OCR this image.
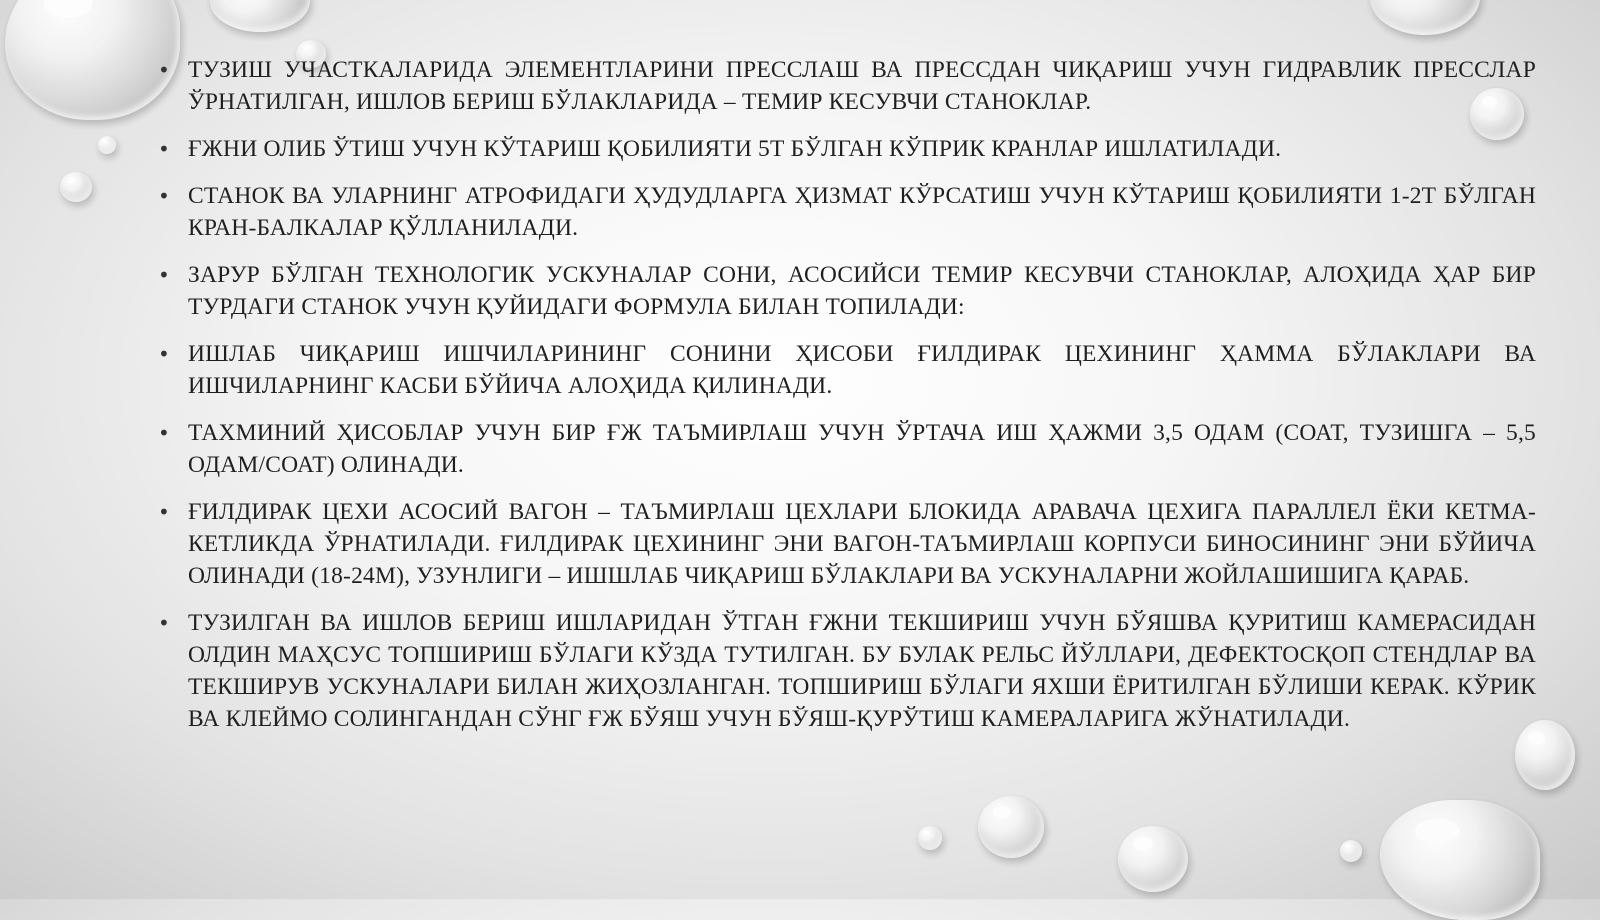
• ТУЗИШ УЧАСТКАЛАРИДА ЭЛЕМЕНТЛАРИНИ ПРЕССЛАШ ВА ПРЕССДАН ЧИҚАРИШ УЧУН ГИДРАВЛИК ПРЕССЛАР ЎРНАТИЛГАН, ИШЛОВ БЕРИШ БЎЛАКЛАРИДА – ТЕМИР КЕСУВЧИ СТАНОКЛАР.
• ҒЖНИ ОЛИБ ЎТИШ УЧУН КЎТАРИШ ҚОБИЛИЯТИ 5Т БЎЛГАН КЎПРИК КРАНЛАР ИШЛАТИЛАДИ.
• СТАНОК ВА УЛАРНИНГ АТРОФИДАГИ ҲУДУДЛАРГА ҲИЗМАТ КЎРСАТИШ УЧУН КЎТАРИШ ҚОБИЛИЯТИ 1-2Т БЎЛГАН КРАН-БАЛКАЛАР ҚЎЛЛАНИЛАДИ.
• ЗАРУР БЎЛГАН ТЕХНОЛОГИК УСКУНАЛАР СОНИ, АСОСИЙСИ ТЕМИР КЕСУВЧИ СТАНОКЛАР, АЛОҲИДА ҲАР БИР ТУРДАГИ СТАНОК УЧУН ҚУЙИДАГИ ФОРМУЛА БИЛАН ТОПИЛАДИ:
• ИШЛАБ ЧИҚАРИШ ИШЧИЛАРИНИНГ СОНИНИ ҲИСОБИ ҒИЛДИРАК ЦЕХИНИНГ ҲАММА БЎЛАКЛАРИ ВА ИШЧИЛАРНИНГ КАСБИ БЎЙИЧА АЛОҲИДА ҚИЛИНАДИ.
• ТАХМИНИЙ ҲИСОБЛАР УЧУН БИР ҒЖ ТАЪМИРЛАШ УЧУН ЎРТАЧА ИШ ҲАЖМИ 3,5 ОДАМ (СОАТ, ТУЗИШГА – 5,5 ОДАМ/СОАТ) ОЛИНАДИ.
• ҒИЛДИРАК ЦЕХИ АСОСИЙ ВАГОН – ТАЪМИРЛАШ ЦЕХЛАРИ БЛОКИДА АРАВАЧА ЦЕХИГА ПАРАЛЛЕЛ ЁКИ КЕТМА-КЕТЛИКДА ЎРНАТИЛАДИ. ҒИЛДИРАК ЦЕХИНИНГ ЭНИ ВАГОН-ТАЪМИРЛАШ КОРПУСИ БИНОСИНИНГ ЭНИ БЎЙИЧА ОЛИНАДИ (18-24М), УЗУНЛИГИ – ИШШЛАБ ЧИҚАРИШ БЎЛАКЛАРИ ВА УСКУНАЛАРНИ ЖОЙЛАШИШИГА ҚАРАБ.
• ТУЗИЛГАН ВА ИШЛОВ БЕРИШ ИШЛАРИДАН ЎТГАН ҒЖНИ ТЕКШИРИШ УЧУН БЎЯШВА ҚУРИТИШ КАМЕРАСИДАН ОЛДИН МАҲСУС ТОПШИРИШ БЎЛАГИ КЎЗДА ТУТИЛГАН. БУ БУЛАК РЕЛЬС ЙЎЛЛАРИ, ДЕФЕКТОСҚОП СТЕНДЛАР ВА ТЕКШИРУВ УСКУНАЛАРИ БИЛАН ЖИҲОЗЛАНГАН. ТОПШИРИШ БЎЛАГИ ЯХШИ ЁРИТИЛГАН БЎЛИШИ КЕРАК. КЎРИК ВА КЛЕЙМО СОЛИНГАНДАН СЎНГ ҒЖ БЎЯШ УЧУН БЎЯШ-ҚУРЎТИШ КАМЕРАЛАРИГА ЖЎНАТИЛАДИ.
